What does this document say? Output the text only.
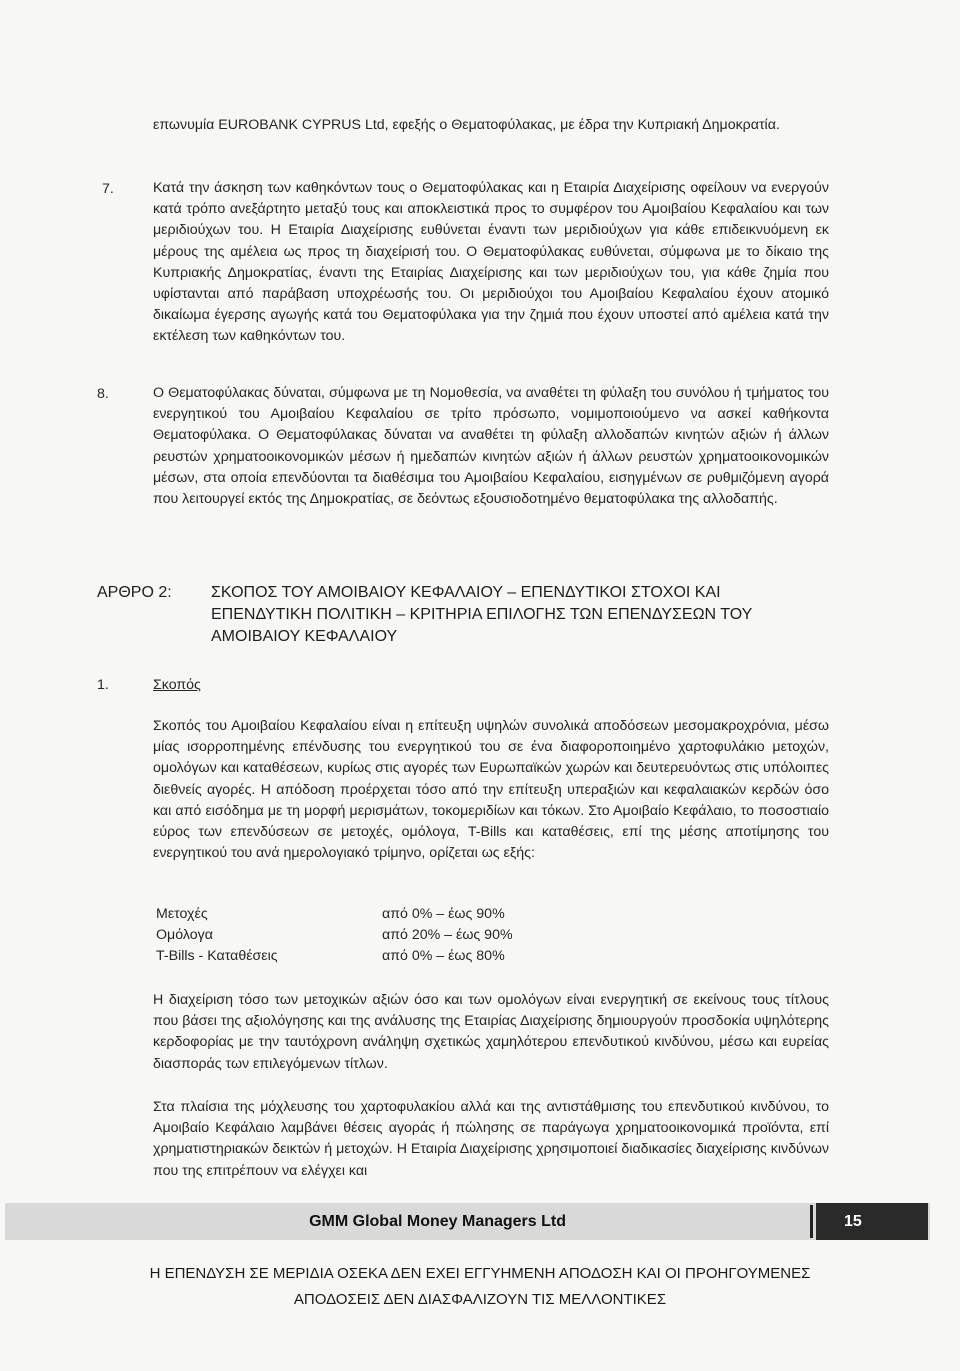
επωνυμία EUROBANK CYPRUS Ltd, εφεξής ο Θεματοφύλακας, με έδρα την Κυπριακή Δημοκρατία.
7.	Κατά την άσκηση των καθηκόντων τους ο Θεματοφύλακας και η Εταιρία Διαχείρισης οφείλουν να ενεργούν κατά τρόπο ανεξάρτητο μεταξύ τους και αποκλειστικά προς το συμφέρον του Αμοιβαίου Κεφαλαίου και των μεριδιούχων του. Η Εταιρία Διαχείρισης ευθύνεται έναντι των μεριδιούχων για κάθε επιδεικνυόμενη εκ μέρους της αμέλεια ως προς τη διαχείρισή του. Ο Θεματοφύλακας ευθύνεται, σύμφωνα με το δίκαιο της Κυπριακής Δημοκρατίας, έναντι της Εταιρίας Διαχείρισης και των μεριδιούχων του, για κάθε ζημία που υφίστανται από παράβαση υποχρέωσής του. Οι μεριδιούχοι του Αμοιβαίου Κεφαλαίου έχουν ατομικό δικαίωμα έγερσης αγωγής κατά του Θεματοφύλακα για την ζημιά που έχουν υποστεί από αμέλεια κατά την εκτέλεση των καθηκόντων του.
8.	Ο Θεματοφύλακας δύναται, σύμφωνα με τη Νομοθεσία, να αναθέτει τη φύλαξη του συνόλου ή τμήματος του ενεργητικού του Αμοιβαίου Κεφαλαίου σε τρίτο πρόσωπο, νομιμοποιούμενο να ασκεί καθήκοντα Θεματοφύλακα. Ο Θεματοφύλακας δύναται να αναθέτει τη φύλαξη αλλοδαπών κινητών αξιών ή άλλων ρευστών χρηματοοικονομικών μέσων ή ημεδαπών κινητών αξιών ή άλλων ρευστών χρηματοοικονομικών μέσων, στα οποία επενδύονται τα διαθέσιμα του Αμοιβαίου Κεφαλαίου, εισηγμένων σε ρυθμιζόμενη αγορά που λειτουργεί εκτός της Δημοκρατίας, σε δεόντως εξουσιοδοτημένο θεματοφύλακα της αλλοδαπής.
ΑΡΘΡΟ 2: ΣΚΟΠΟΣ ΤΟΥ ΑΜΟΙΒΑΙΟΥ ΚΕΦΑΛΑΙΟΥ – ΕΠΕΝΔΥΤΙΚΟΙ ΣΤΟΧΟΙ ΚΑΙ ΕΠΕΝΔΥΤΙΚΗ ΠΟΛΙΤΙΚΗ – ΚΡΙΤΗΡΙΑ ΕΠΙΛΟΓΗΣ ΤΩΝ ΕΠΕΝΔΥΣΕΩΝ ΤΟΥ ΑΜΟΙΒΑΙΟΥ ΚΕΦΑΛΑΙΟΥ
1.	Σκοπός
Σκοπός του Αμοιβαίου Κεφαλαίου είναι η επίτευξη υψηλών συνολικά αποδόσεων μεσομακροχρόνια, μέσω μίας ισορροπημένης επένδυσης του ενεργητικού του σε ένα διαφοροποιημένο χαρτοφυλάκιο μετοχών, ομολόγων και καταθέσεων, κυρίως στις αγορές των Ευρωπαϊκών χωρών και δευτερευόντως στις υπόλοιπες διεθνείς αγορές. Η απόδοση προέρχεται τόσο από την επίτευξη υπεραξιών και κεφαλαιακών κερδών όσο και από εισόδημα με τη μορφή μερισμάτων, τοκομεριδίων και τόκων. Στο Αμοιβαίο Κεφάλαιο, το ποσοστιαίο εύρος των επενδύσεων σε μετοχές, ομόλογα, T-Bills και καταθέσεις, επί της μέσης αποτίμησης του ενεργητικού του ανά ημερολογιακό τρίμηνο, ορίζεται ως εξής:
Μετοχές	από 0% – έως 90%
Ομόλογα	από 20% – έως 90%
T-Bills - Καταθέσεις	από 0% – έως 80%
Η διαχείριση τόσο των μετοχικών αξιών όσο και των ομολόγων είναι ενεργητική σε εκείνους τους τίτλους που βάσει της αξιολόγησης και της ανάλυσης της Εταιρίας Διαχείρισης δημιουργούν προσδοκία υψηλότερης κερδοφορίας με την ταυτόχρονη ανάληψη σχετικώς χαμηλότερου επενδυτικού κινδύνου, μέσω και ευρείας διασποράς των επιλεγόμενων τίτλων.
Στα πλαίσια της μόχλευσης του χαρτοφυλακίου αλλά και της αντιστάθμισης του επενδυτικού κινδύνου, το Αμοιβαίο Κεφάλαιο λαμβάνει θέσεις αγοράς ή πώλησης σε παράγωγα χρηματοοικονομικά προϊόντα, επί χρηματιστηριακών δεικτών ή μετοχών. Η Εταιρία Διαχείρισης χρησιμοποιεί διαδικασίες διαχείρισης κινδύνων που της επιτρέπουν να ελέγχει και
GMM Global Money Managers Ltd	15
Η ΕΠΕΝΔΥΣΗ ΣΕ ΜΕΡΙΔΙΑ ΟΣΕΚΑ ΔΕΝ ΕΧΕΙ ΕΓΓΥΗΜΕΝΗ ΑΠΟΔΟΣΗ ΚΑΙ ΟΙ ΠΡΟΗΓΟΥΜΕΝΕΣ
ΑΠΟΔΟΣΕΙΣ ΔΕΝ ΔΙΑΣΦΑΛΙΖΟΥΝ ΤΙΣ ΜΕΛΛΟΝΤΙΚΕΣ
